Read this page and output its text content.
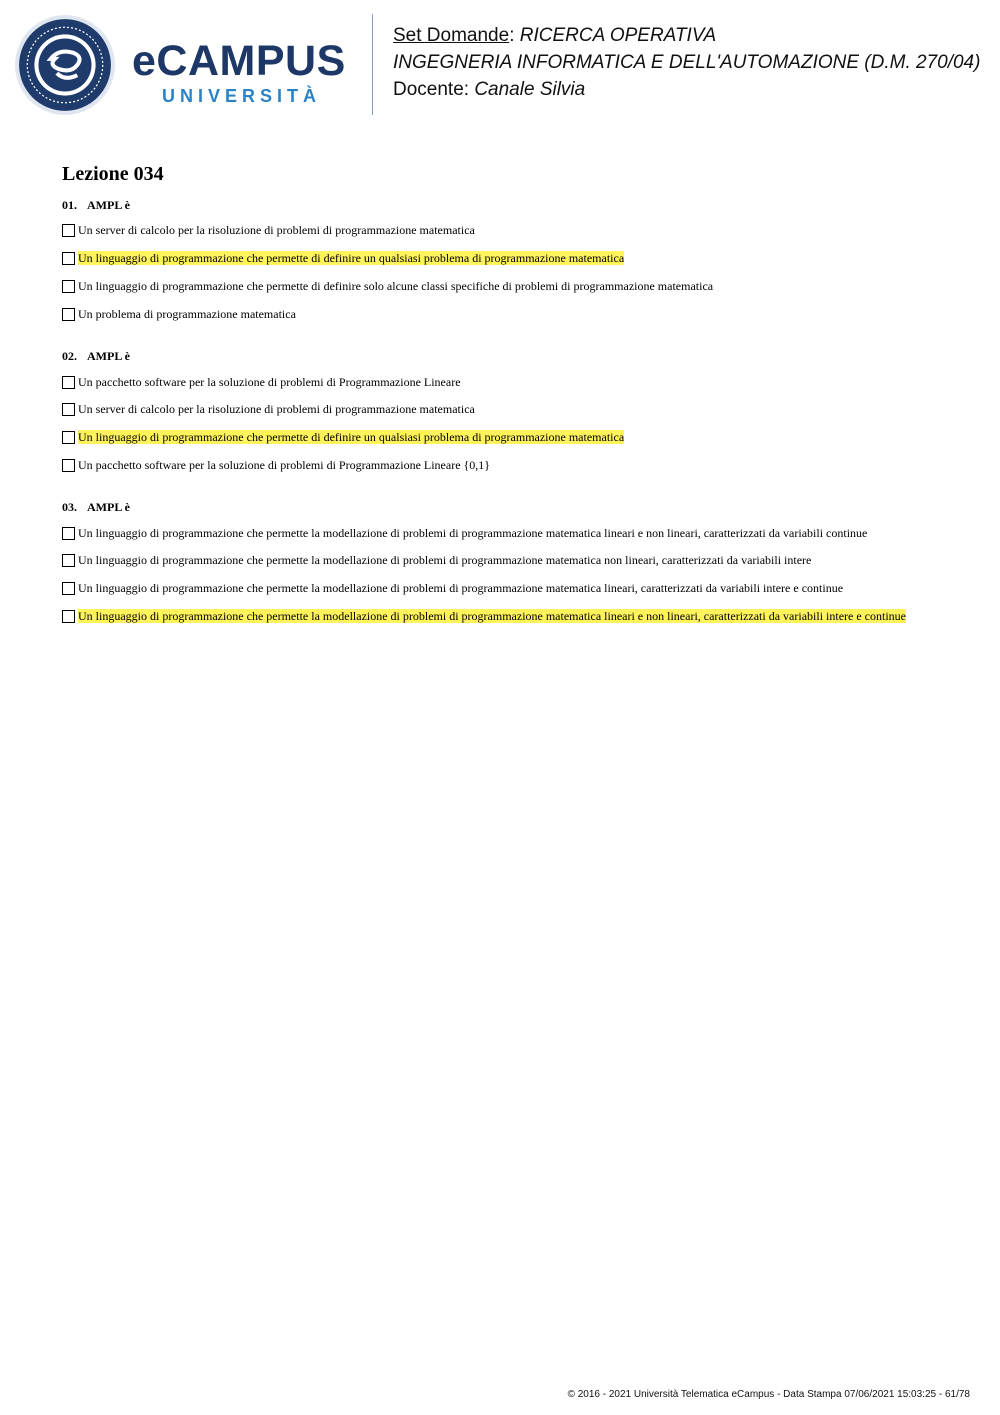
eCAMPUS
UNIVERSITÀ
Set Domande: RICERCA OPERATIVA
INGEGNERIA INFORMATICA E DELL'AUTOMAZIONE (D.M. 270/04)
Docente: Canale Silvia
Lezione 034
01. AMPL è
Un server di calcolo per la risoluzione di problemi di programmazione matematica
Un linguaggio di programmazione che permette di definire un qualsiasi problema di programmazione matematica
Un linguaggio di programmazione che permette di definire solo alcune classi specifiche di problemi di programmazione matematica
Un problema di programmazione matematica
02. AMPL è
Un pacchetto software per la soluzione di problemi di Programmazione Lineare
Un server di calcolo per la risoluzione di problemi di programmazione matematica
Un linguaggio di programmazione che permette di definire un qualsiasi problema di programmazione matematica
Un pacchetto software per la soluzione di problemi di Programmazione Lineare {0,1}
03. AMPL è
Un linguaggio di programmazione che permette la modellazione di problemi di programmazione matematica lineari e non lineari, caratterizzati da variabili continue
Un linguaggio di programmazione che permette la modellazione di problemi di programmazione matematica non lineari, caratterizzati da variabili intere
Un linguaggio di programmazione che permette la modellazione di problemi di programmazione matematica lineari, caratterizzati da variabili intere e continue
Un linguaggio di programmazione che permette la modellazione di problemi di programmazione matematica lineari e non lineari, caratterizzati da variabili intere e continue
© 2016 - 2021 Università Telematica eCampus - Data Stampa 07/06/2021 15:03:25 - 61/78
